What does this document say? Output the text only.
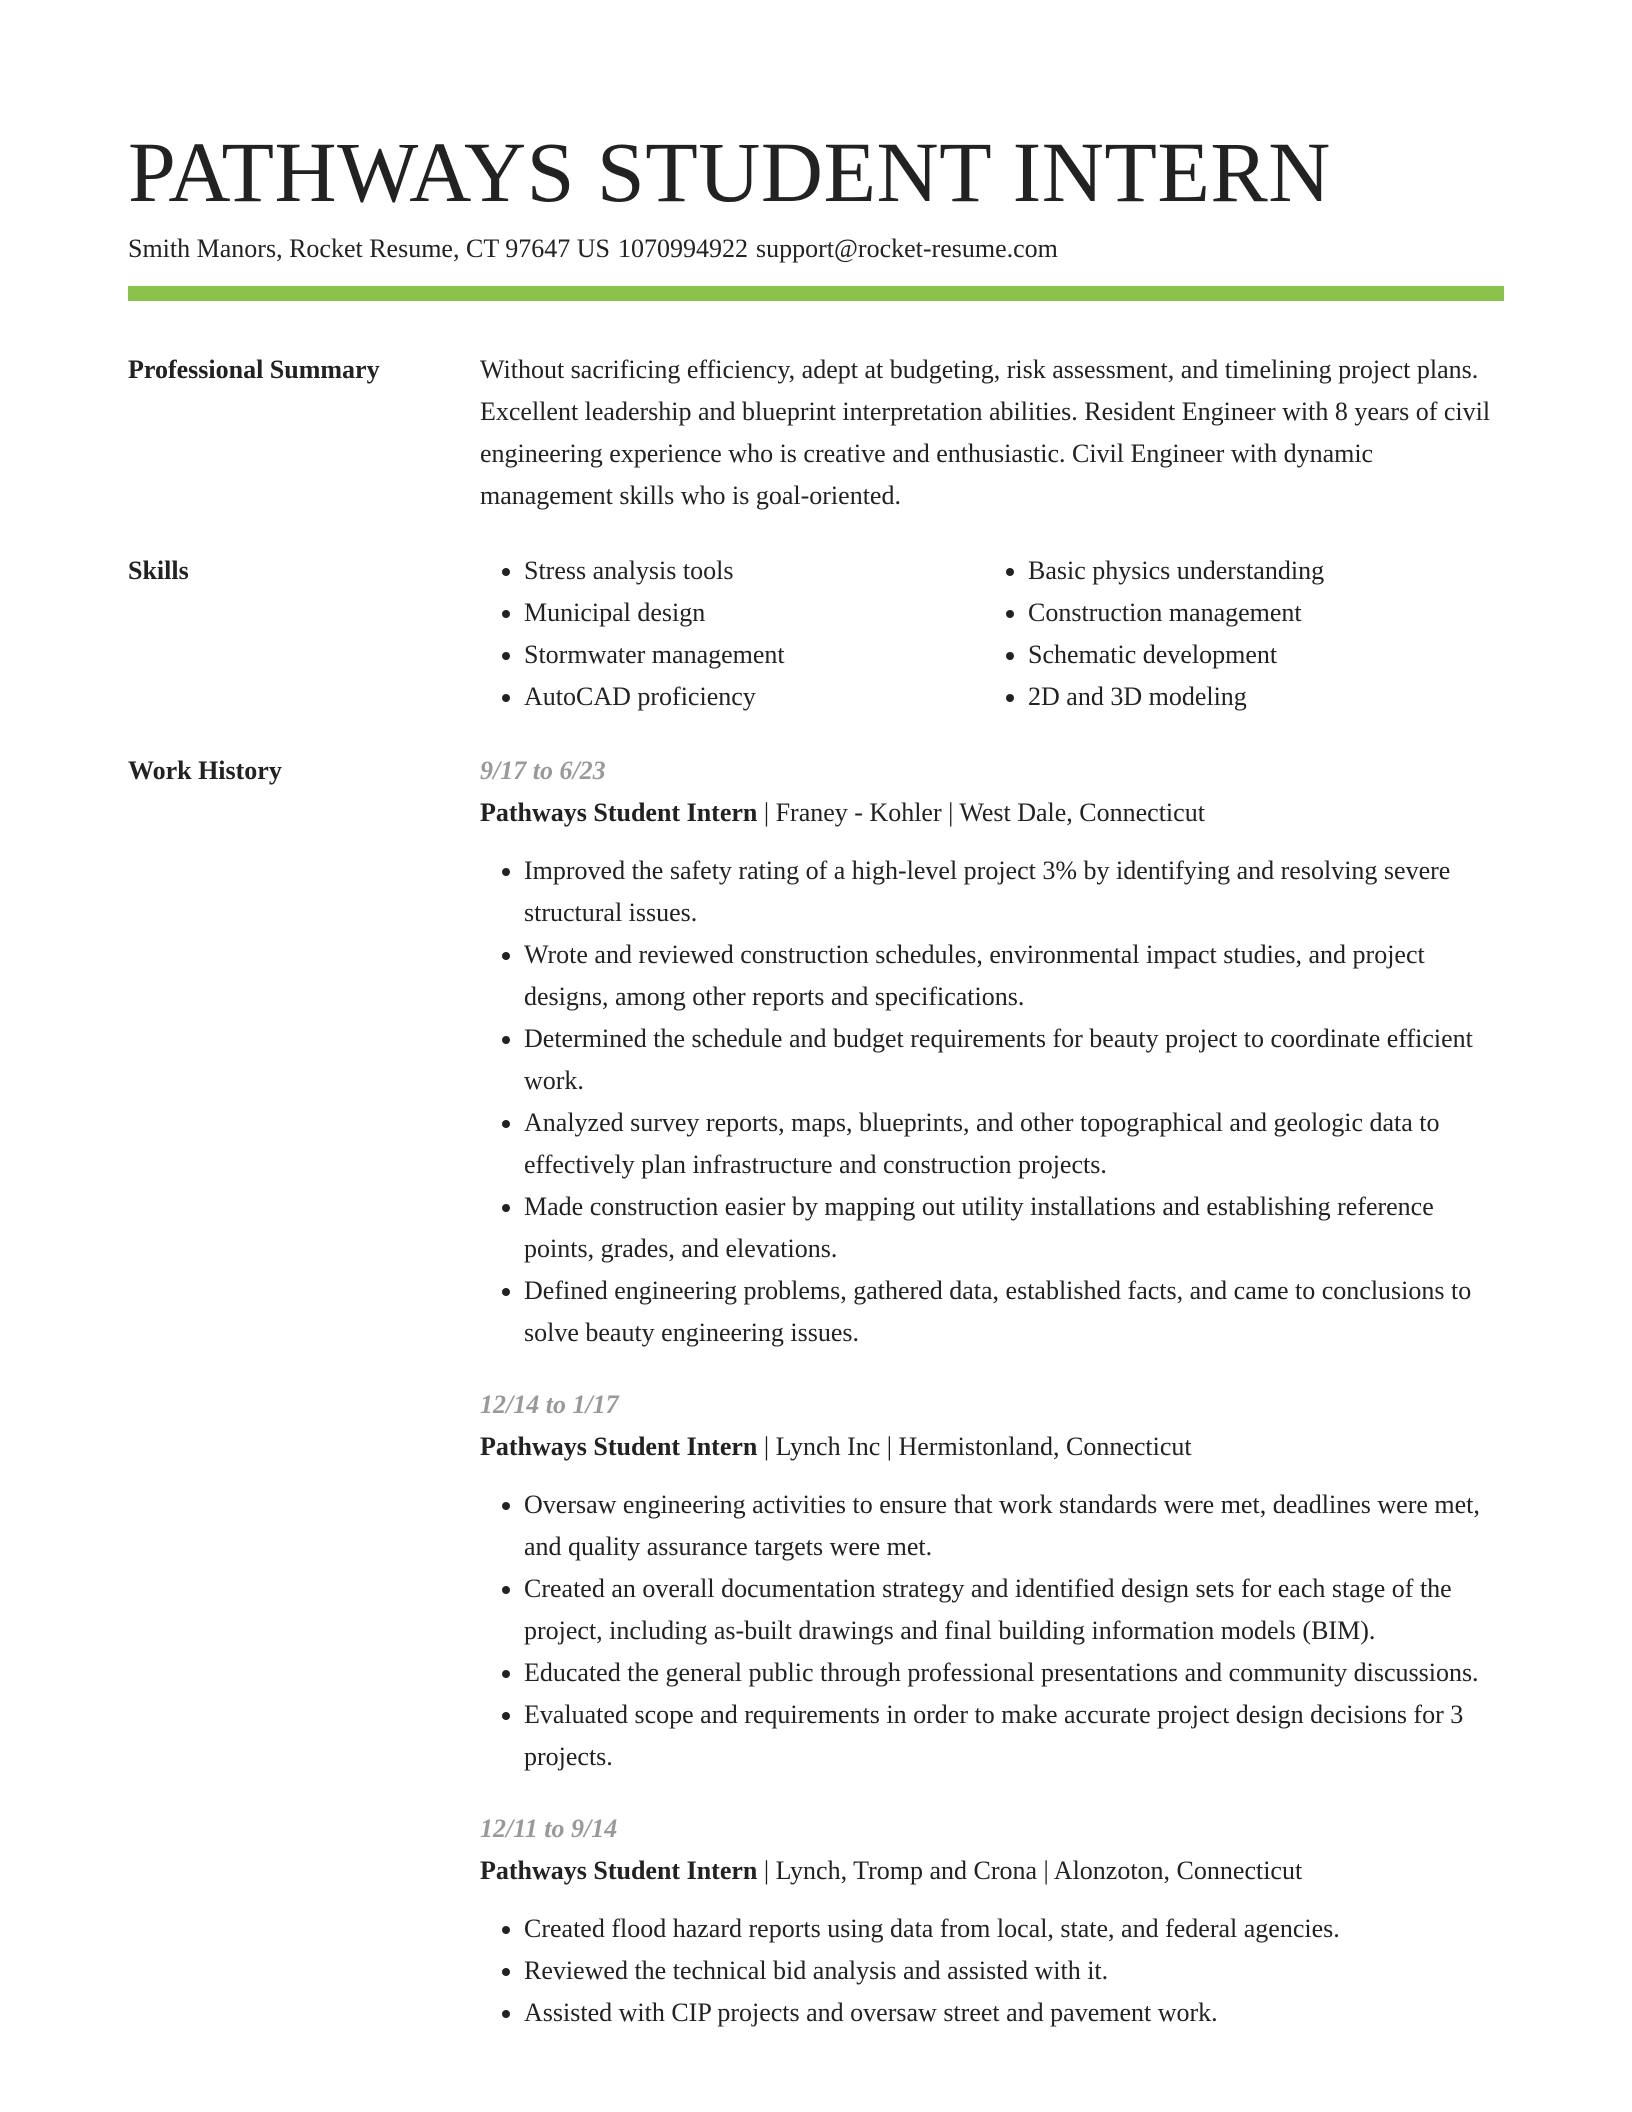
PATHWAYS STUDENT INTERN
Smith Manors, Rocket Resume, CT 97647 US 1070994922 support@rocket-resume.com
Professional Summary	Without sacrificing efficiency, adept at budgeting, risk assessment, and timelining project plans. Excellent leadership and blueprint interpretation abilities. Resident Engineer with 8 years of civil engineering experience who is creative and enthusiastic. Civil Engineer with dynamic management skills who is goal-oriented.

Skills
•	Stress analysis tools
• Municipal design
• Stormwater management
• AutoCAD proficiency
• Basic physics understanding
• Construction management
• Schematic development
• 2D and 3D modeling
Work History	9/17 to 6/23
Pathways Student Intern | Franey - Kohler | West Dale, Connecticut
• Improved the safety rating of a high-level project 3% by identifying and resolving severe structural issues.
• Wrote and reviewed construction schedules, environmental impact studies, and project designs, among other reports and specifications.
• Determined the schedule and budget requirements for beauty project to coordinate efficient work.
• Analyzed survey reports, maps, blueprints, and other topographical and geologic data to effectively plan infrastructure and construction projects.
• Made construction easier by mapping out utility installations and establishing reference points, grades, and elevations.
• Defined engineering problems, gathered data, established facts, and came to conclusions to solve beauty engineering issues.
12/14 to 1/17
Pathways Student Intern | Lynch Inc | Hermistonland, Connecticut
• Oversaw engineering activities to ensure that work standards were met, deadlines were met, and quality assurance targets were met.
• Created an overall documentation strategy and identified design sets for each stage of the project, including as-built drawings and final building information models (BIM).
• Educated the general public through professional presentations and community discussions.
• Evaluated scope and requirements in order to make accurate project design decisions for 3 projects.
12/11 to 9/14
Pathways Student Intern | Lynch, Tromp and Crona | Alonzoton, Connecticut
• Created flood hazard reports using data from local, state, and federal agencies.
• Reviewed the technical bid analysis and assisted with it.
• Assisted with CIP projects and oversaw street and pavement work.
